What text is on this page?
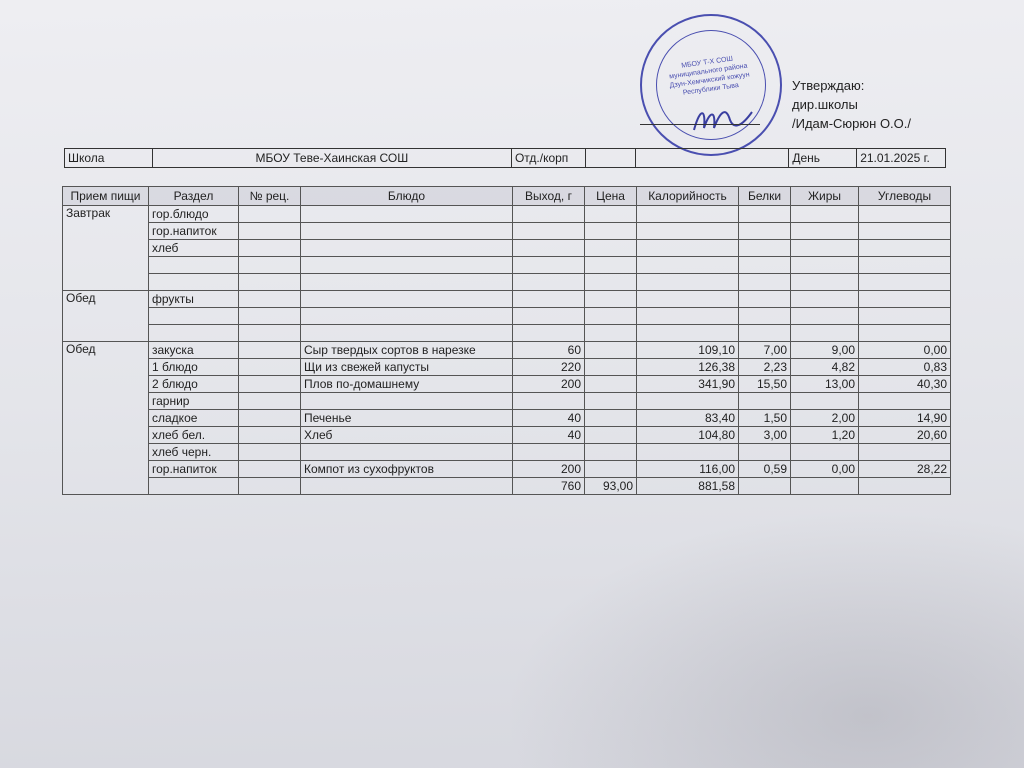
МБОУ Т-Х СОШ муниципального района Дзун-Хемчикский кожуун Республики Тыва	Утверждаю:
дир.школы
/Идам-Сюрюн О.О./
Школа	МБОУ Теве-Хаинская СОШ	Отд./корп	День	21.01.2025 г.
Прием пищи	Раздел	№ рец.	Блюдо	Выход, г	Цена	Калорийность	Белки	Жиры	Углеводы
Завтрак	гор.блюдо								
	гор.напиток								
	хлеб								

Обед	фрукты								

Обед	закуска		Сыр твердых сортов в нарезке	60		109,10	7,00	9,00	0,00
	1 блюдо		Щи из свежей капусты	220		126,38	2,23	4,82	0,83
	2 блюдо		Плов по-домашнему	200		341,90	15,50	13,00	40,30
	гарнир								
	сладкое		Печенье	40		83,40	1,50	2,00	14,90
	хлеб бел.		Хлеб	40		104,80	3,00	1,20	20,60
	хлеб черн.								
	гор.напиток		Компот из сухофруктов	200		116,00	0,59	0,00	28,22
				760	93,00	881,58			
